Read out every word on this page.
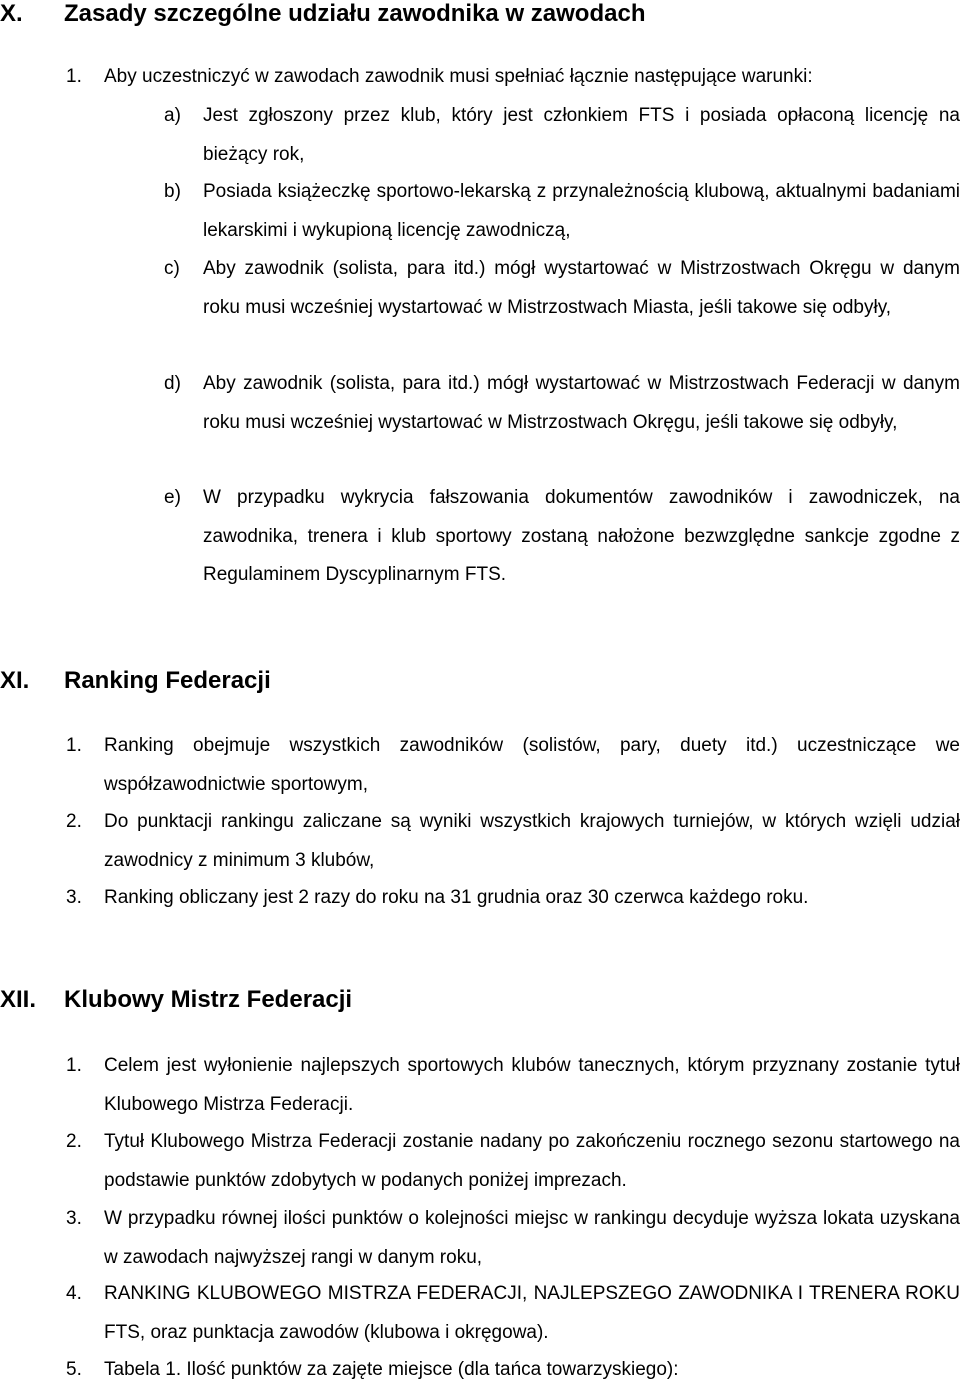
X. Zasady szczególne udziału zawodnika w zawodach
1. Aby uczestniczyć w zawodach zawodnik musi spełniać łącznie następujące warunki:
a) Jest zgłoszony przez klub, który jest członkiem FTS i posiada opłaconą licencję na bieżący rok,
b) Posiada książeczkę sportowo-lekarską z przynależnością klubową, aktualnymi badaniami lekarskimi i wykupioną licencję zawodniczą,
c) Aby zawodnik (solista, para itd.) mógł wystartować w Mistrzostwach Okręgu w danym roku musi wcześniej wystartować w Mistrzostwach Miasta, jeśli takowe się odbyły,
d) Aby zawodnik (solista, para itd.) mógł wystartować w Mistrzostwach Federacji w danym roku musi wcześniej wystartować w Mistrzostwach Okręgu, jeśli takowe się odbyły,
e) W przypadku wykrycia fałszowania dokumentów zawodników i zawodniczek, na zawodnika, trenera i klub sportowy zostaną nałożone bezwzględne sankcje zgodne z Regulaminem Dyscyplinarnym FTS.
XI. Ranking Federacji
1. Ranking obejmuje wszystkich zawodników (solistów, pary, duety itd.) uczestniczące we współzawodnictwie sportowym,
2. Do punktacji rankingu zaliczane są wyniki wszystkich krajowych turniejów, w których wzięli udział zawodnicy z minimum 3 klubów,
3. Ranking obliczany jest 2 razy do roku na 31 grudnia oraz 30 czerwca każdego roku.
XII. Klubowy Mistrz Federacji
1. Celem jest wyłonienie najlepszych sportowych klubów tanecznych, którym przyznany zostanie tytuł Klubowego Mistrza Federacji.
2. Tytuł Klubowego Mistrza Federacji zostanie nadany po zakończeniu rocznego sezonu startowego na podstawie punktów zdobytych w podanych poniżej imprezach.
3. W przypadku równej ilości punktów o kolejności miejsc w rankingu decyduje wyższa lokata uzyskana w zawodach najwyższej rangi w danym roku,
4. RANKING KLUBOWEGO MISTRZA FEDERACJI, NAJLEPSZEGO ZAWODNIKA I TRENERA ROKU FTS, oraz punktacja zawodów (klubowa i okręgowa).
5. Tabela 1. Ilość punktów za zajęte miejsce (dla tańca towarzyskiego):
